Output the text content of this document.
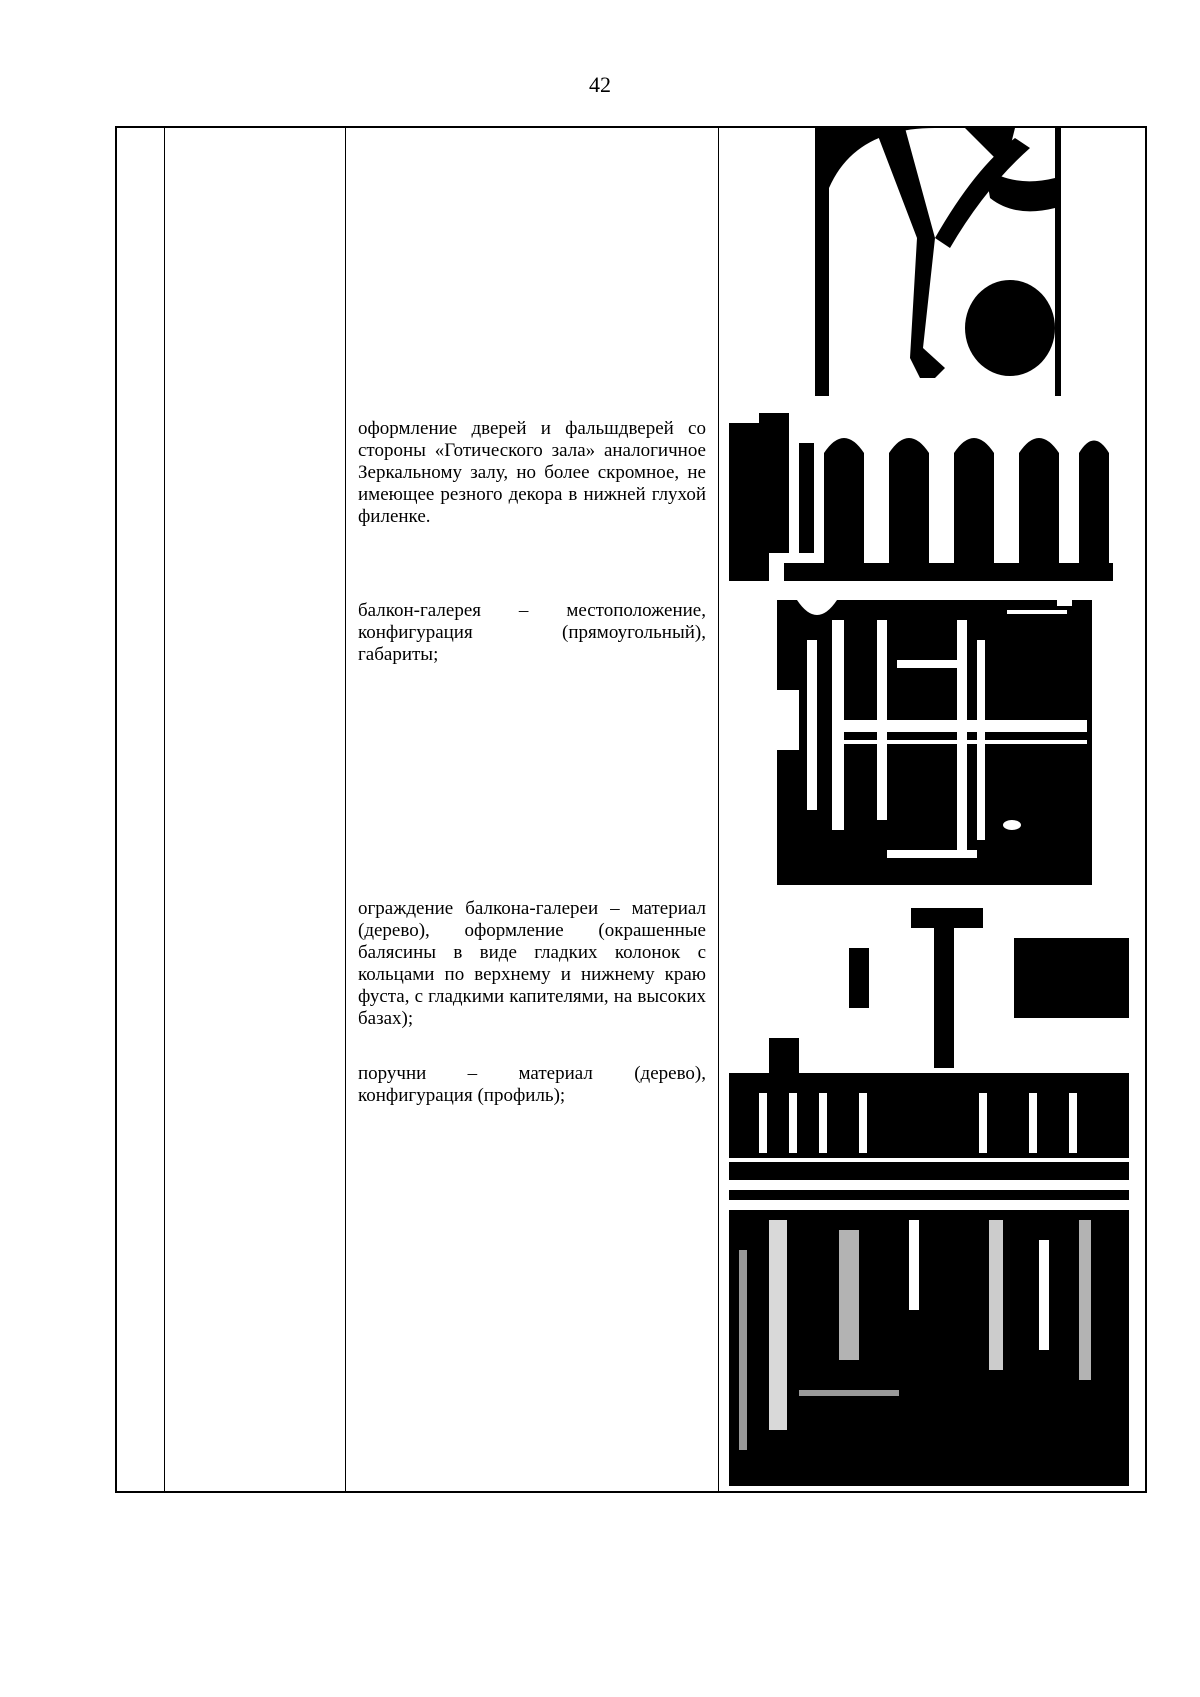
42

оформление дверей и фальшдверей со стороны «Готического зала» аналогичное Зеркальному залу, но более скромное, не имеющее резного декора в нижней глухой филенке.

балкон-галерея – местоположение, конфигурация (прямоугольный), габариты;

ограждение балкона-галереи – материал (дерево), оформление (окрашенные балясины в виде гладких колонок с кольцами по верхнему и нижнему краю фуста, с гладкими капителями, на высоких базах);

поручни – материал (дерево), конфигурация (профиль);
